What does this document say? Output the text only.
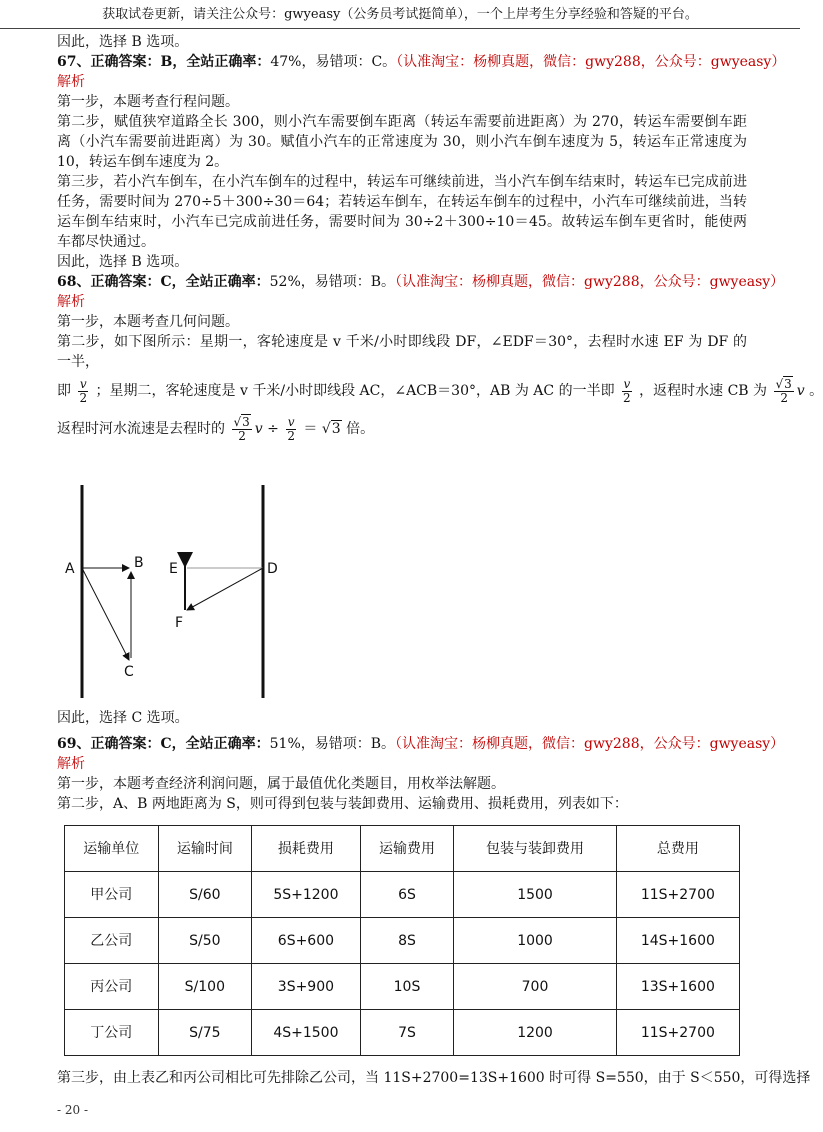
获取试卷更新，请关注公众号：gwyeasy（公务员考试挺简单），一个上岸考生分享经验和答疑的平台。
因此，选择 B 选项。
67、正确答案：B，全站正确率：47%，易错项：C。（认准淘宝：杨柳真题，微信：gwy288，公众号：gwyeasy）
解析
第一步，本题考查行程问题。
第二步，赋值狭窄道路全长 300，则小汽车需要倒车距离（转运车需要前进距离）为 270，转运车需要倒车距离（小汽车需要前进距离）为 30。赋值小汽车的正常速度为 30，则小汽车倒车速度为 5，转运车正常速度为 10，转运车倒车速度为 2。
第三步，若小汽车倒车，在小汽车倒车的过程中，转运车可继续前进，当小汽车倒车结束时，转运车已完成前进任务，需要时间为 270÷5＋300÷30＝64；若转运车倒车，在转运车倒车的过程中，小汽车可继续前进，当转运车倒车结束时，小汽车已完成前进任务，需要时间为 30÷2＋300÷10＝45。故转运车倒车更省时，能使两车都尽快通过。
因此，选择 B 选项。
68、正确答案：C，全站正确率：52%，易错项：B。（认准淘宝：杨柳真题，微信：gwy288，公众号：gwyeasy）
解析
第一步，本题考查几何问题。
第二步，如下图所示：星期一，客轮速度是 v 千米/小时即线段 DF，∠EDF＝30°，去程时水速 EF 为 DF 的一半，
即 $\frac{v}{2}$ ；星期二，客轮速度是 v 千米/小时即线段 AC，∠ACB＝30°，AB 为 AC 的一半即 $\frac{v}{2}$ ，返程时水速 CB 为 $\frac{√3}{2}$ v 。
返程时河水流速是去程时的 $\frac{√3}{2}$ $v \div \frac{v}{2} = √3$ 倍。
A	B
C
D
E
F
因此，选择 C 选项。
69、正确答案：C，全站正确率：51%，易错项：B。（认准淘宝：杨柳真题，微信：gwy288，公众号：gwyeasy）
解析
第一步，本题考查经济利润问题，属于最值优化类题目，用枚举法解题。
第二步，A、B 两地距离为 S，则可得到包装与装卸费用、运输费用、损耗费用，列表如下：
运输单位	运输时间	损耗费用	运输费用	包装与装卸费用	总费用
甲公司	S/60	5S+1200	6S	1500	11S+2700
乙公司	S/50	6S+600	8S	1000	14S+1600
丙公司	S/100	3S+900	10S	700	13S+1600
丁公司	S/75	4S+1500	7S	1200	11S+2700
第三步，由上表乙和丙公司相比可先排除乙公司，当 11S+2700=13S+1600 时可得 S=550，由于 S＜550，可得选择
- 20 -
